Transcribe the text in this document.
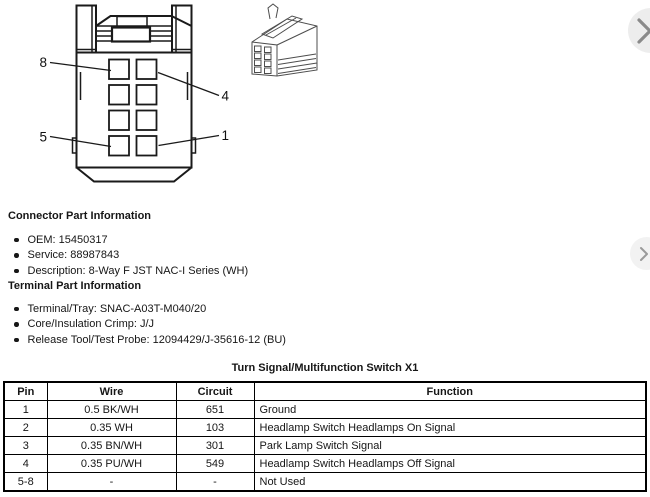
8
4
5	1
Connector Part Information
OEM: 15450317
Service: 88987843
Description: 8-Way F JST NAC-I Series (WH)
Terminal Part Information
Terminal/Tray: SNAC-A03T-M040/20
Core/Insulation Crimp: J/J
Release Tool/Test Probe: 12094429/J-35616-12 (BU)
Turn Signal/Multifunction Switch X1
Pin	Wire	Circuit	Function
1	0.5 BK/WH	651	Ground
2	0.35 WH	103	Headlamp Switch Headlamps On Signal
3	0.35 BN/WH	301	Park Lamp Switch Signal
4	0.35 PU/WH	549	Headlamp Switch Headlamps Off Signal
5-8	-	-	Not Used
